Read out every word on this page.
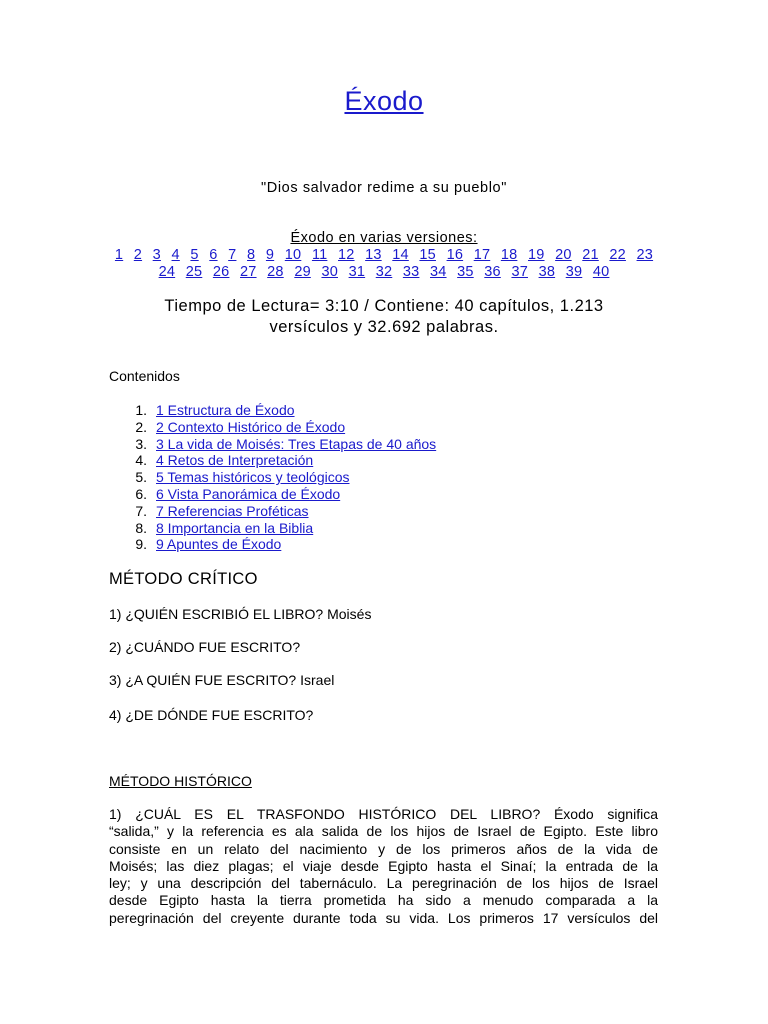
Éxodo
"Dios salvador redime a su pueblo"
Éxodo en varias versiones:
1 2 3 4 5 6 7 8 9 10 11 12 13 14 15 16 17 18 19 20 21 22 23
24 25 26 27 28 29 30 31 32 33 34 35 36 37 38 39 40
Tiempo de Lectura= 3:10 / Contiene: 40 capítulos, 1.213
versículos y 32.692 palabras.
Contenidos
1. 1 Estructura de Éxodo
2. 2 Contexto Histórico de Éxodo
3. 3 La vida de Moisés: Tres Etapas de 40 años
4. 4 Retos de Interpretación
5. 5 Temas históricos y teológicos
6. 6 Vista Panorámica de Éxodo
7. 7 Referencias Proféticas
8. 8 Importancia en la Biblia
9. 9 Apuntes de Éxodo
MÉTODO CRÍTICO
1) ¿QUIÉN ESCRIBIÓ EL LIBRO? Moisés
2) ¿CUÁNDO FUE ESCRITO?
3) ¿A QUIÉN FUE ESCRITO? Israel
4) ¿DE DÓNDE FUE ESCRITO?
MÉTODO HISTÓRICO
1) ¿CUÁL ES EL TRASFONDO HISTÓRICO DEL LIBRO? Éxodo significa
“salida,” y la referencia es ala salida de los hijos de Israel de Egipto. Este libro
consiste en un relato del nacimiento y de los primeros años de la vida de
Moisés; las diez plagas; el viaje desde Egipto hasta el Sinaí; la entrada de la
ley; y una descripción del tabernáculo. La peregrinación de los hijos de Israel
desde Egipto hasta la tierra prometida ha sido a menudo comparada a la
peregrinación del creyente durante toda su vida. Los primeros 17 versículos del
